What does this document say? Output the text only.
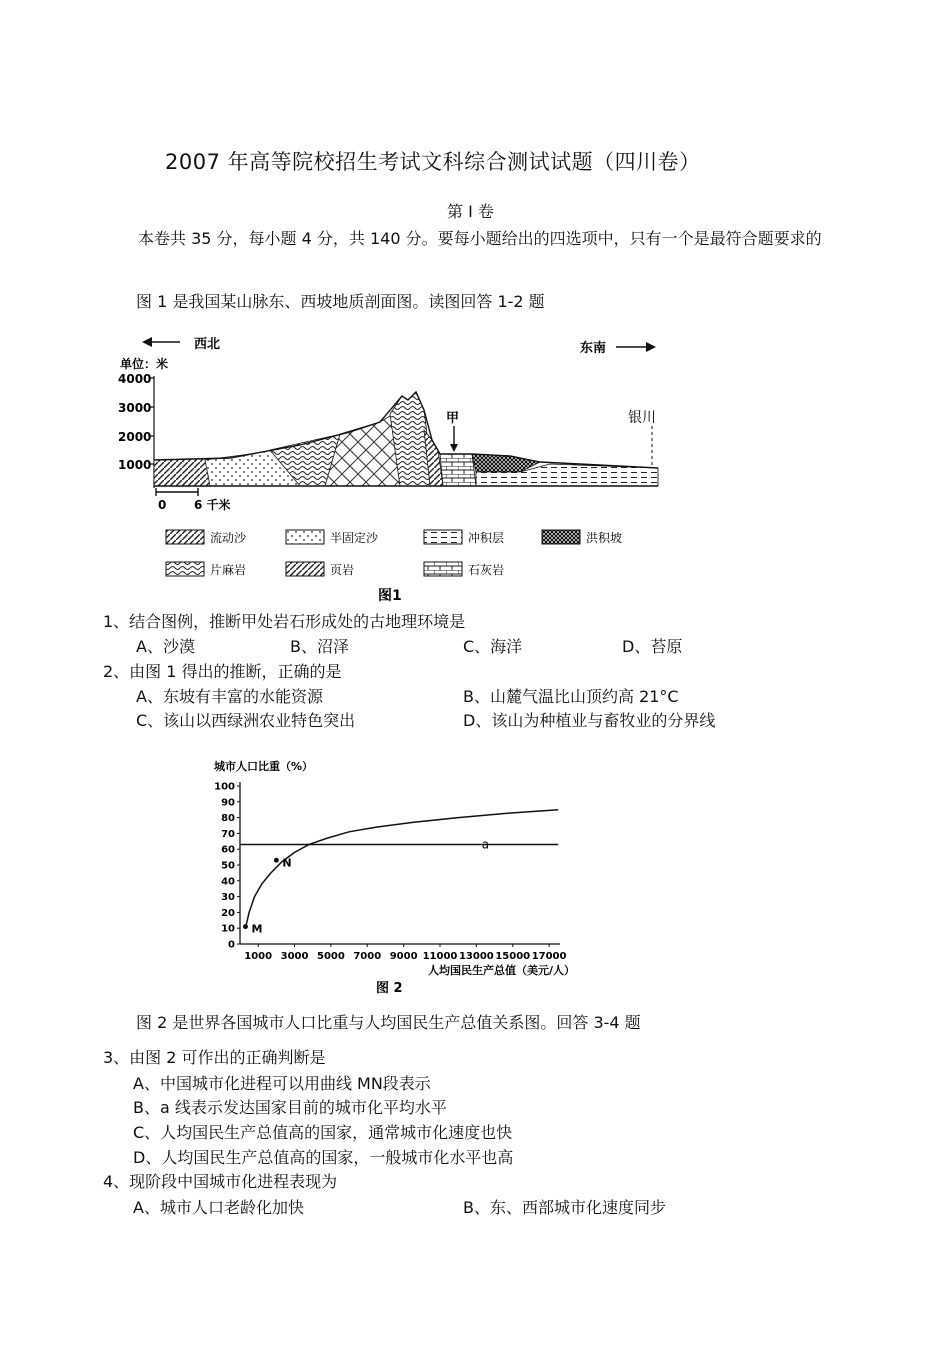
2007 年高等院校招生考试文科综合测试试题（四川卷）
第 I 卷
本卷共 35 分，每小题 4 分，共 140 分。要每小题给出的四选项中，只有一个是最符合题要求的
图 1 是我国某山脉东、西坡地质剖面图。读图回答 1-2 题
西北	东南
单位：米
4000
3000
2000
1000
甲	银川
0 6 千米
流动沙	半固定沙	冲积层	洪积坡
片麻岩	页岩	石灰岩
图1
1、结合图例，推断甲处岩石形成处的古地理环境是
A、沙漠	B、沼泽	C、海洋	D、苔原
2、由图 1 得出的推断，正确的是
A、东坡有丰富的水能资源	B、山麓气温比山顶约高 21°C
C、该山以西绿洲农业特色突出	D、该山为种植业与畜牧业的分界线
城市人口比重（%）
0
10
20
30
40
50
60
70
80
90
100
1000 3000 5000 7000 9000 11000 13000 15000 17000
a
M
N
人均国民生产总值（美元/人）
图 2
图 2 是世界各国城市人口比重与人均国民生产总值关系图。回答 3-4 题
3、由图 2 可作出的正确判断是
A、中国城市化进程可以用曲线 MN段表示
B、a 线表示发达国家目前的城市化平均水平
C、人均国民生产总值高的国家，通常城市化速度也快
D、人均国民生产总值高的国家，一般城市化水平也高
4、现阶段中国城市化进程表现为
A、城市人口老龄化加快	B、东、西部城市化速度同步
